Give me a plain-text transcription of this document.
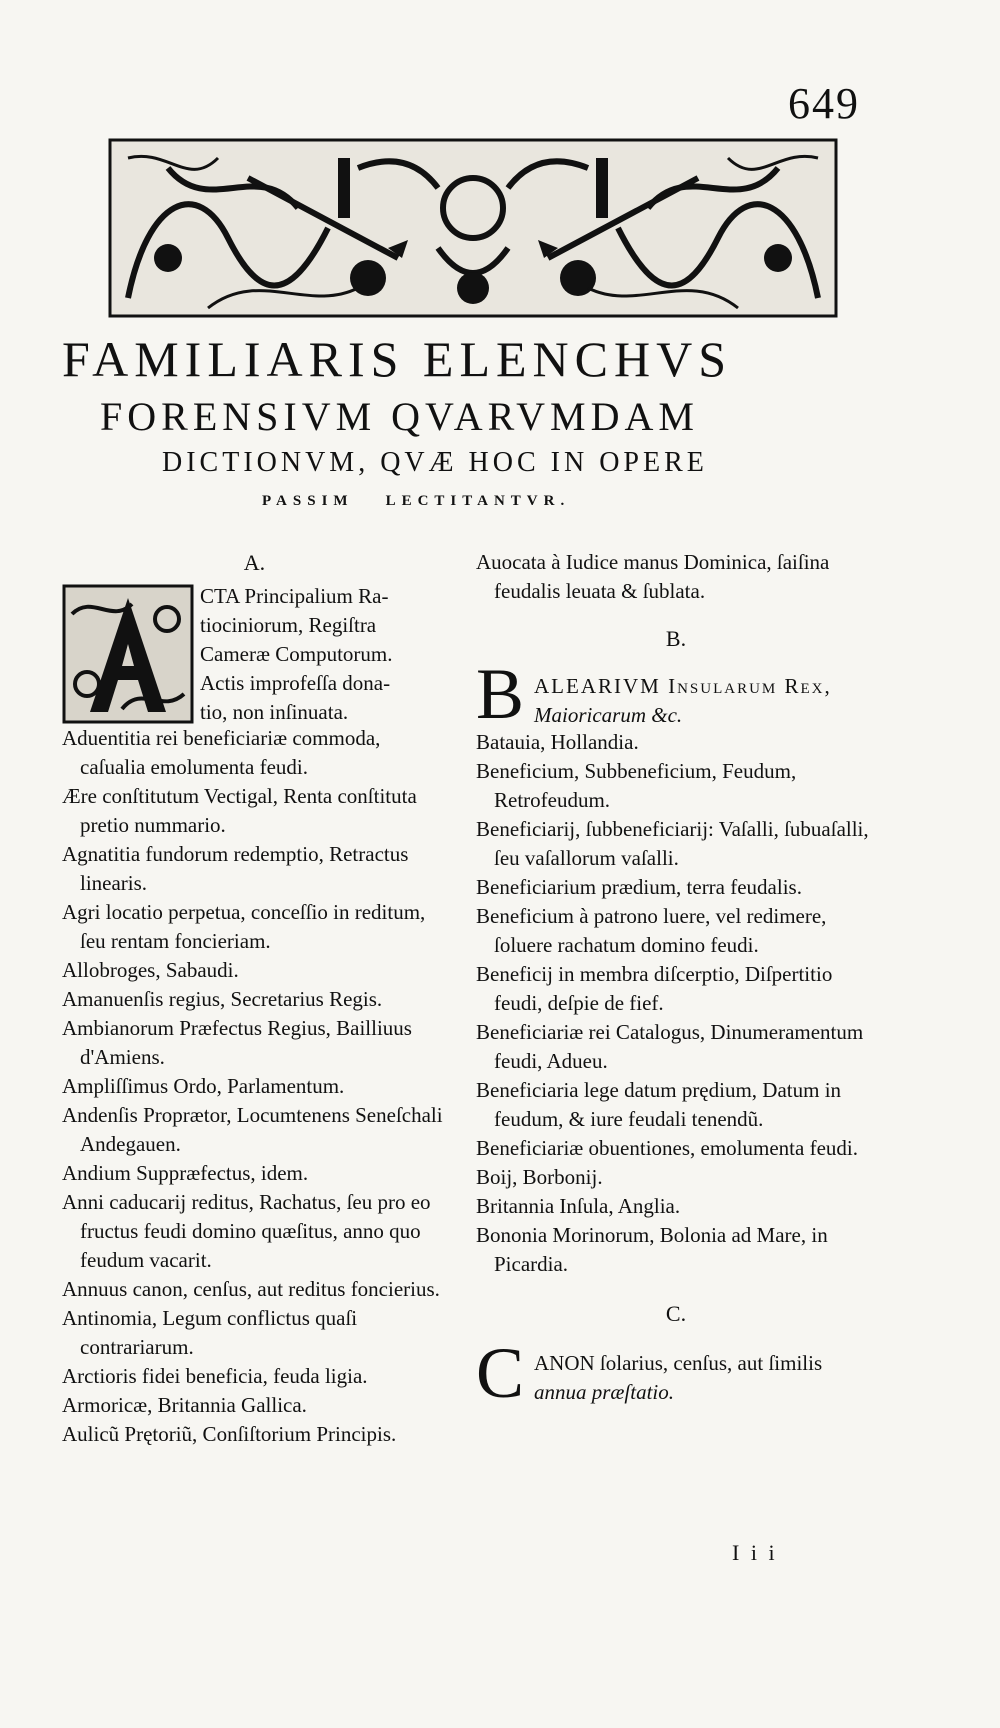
649
FAMILIARIS ELENCHVS
FORENSIVM QVARVMDAM
DICTIONVM, QVÆ HOC IN OPERE
PASSIM LECTITANTVR.
A.
CTA Principalium Ra-
tiociniorum, Regiſtra
Cameræ Computorum.
Actis improfeſſa dona-
tio, non inſinuata.
Aduentitia rei beneficiariæ commoda, caſualia emolumenta feudi.
Ære conſtitutum Vectigal, Renta conſtituta pretio nummario.
Agnatitia fundorum redemptio, Retractus linearis.
Agri locatio perpetua, conceſſio in reditum, ſeu rentam foncieriam.
Allobroges, Sabaudi.
Amanuenſis regius, Secretarius Regis.
Ambianorum Præfectus Regius, Bailliuus d'Amiens.
Ampliſſimus Ordo, Parlamentum.
Andenſis Proprætor, Locumtenens Seneſchali Andegauen.
Andium Suppræfectus, idem.
Anni caducarij reditus, Rachatus, ſeu pro eo fructus feudi domino quæſitus, anno quo feudum vacarit.
Annuus canon, cenſus, aut reditus foncierius.
Antinomia, Legum conflictus quaſi contrariarum.
Arctioris fidei beneficia, feuda ligia.
Armoricæ, Britannia Gallica.
Aulicũ Prętoriũ, Conſiſtorium Principis.
Auocata à Iudice manus Dominica, ſaiſina feudalis leuata & ſublata.
B.
B ALEARIVM Inſularum Rex,
Maioricarum &c.
Batauia, Hollandia.
Beneficium, Subbeneficium, Feudum, Retrofeudum.
Beneficiarij, ſubbeneficiarij: Vaſalli, ſubuaſalli, ſeu vaſallorum vaſalli.
Beneficiarium prædium, terra feudalis.
Beneficium à patrono luere, vel redimere, ſoluere rachatum domino feudi.
Beneficij in membra diſcerptio, Diſpertitio feudi, deſpie de fief.
Beneficiariæ rei Catalogus, Dinumeramentum feudi, Adueu.
Beneficiaria lege datum prędium, Datum in feudum, & iure feudali tenendũ.
Beneficiariæ obuentiones, emolumenta feudi.
Boij, Borbonij.
Britannia Inſula, Anglia.
Bononia Morinorum, Bolonia ad Mare, in Picardia.
C.
C ANON ſolarius, cenſus, aut ſimilis
annua præſtatio.
I i i
